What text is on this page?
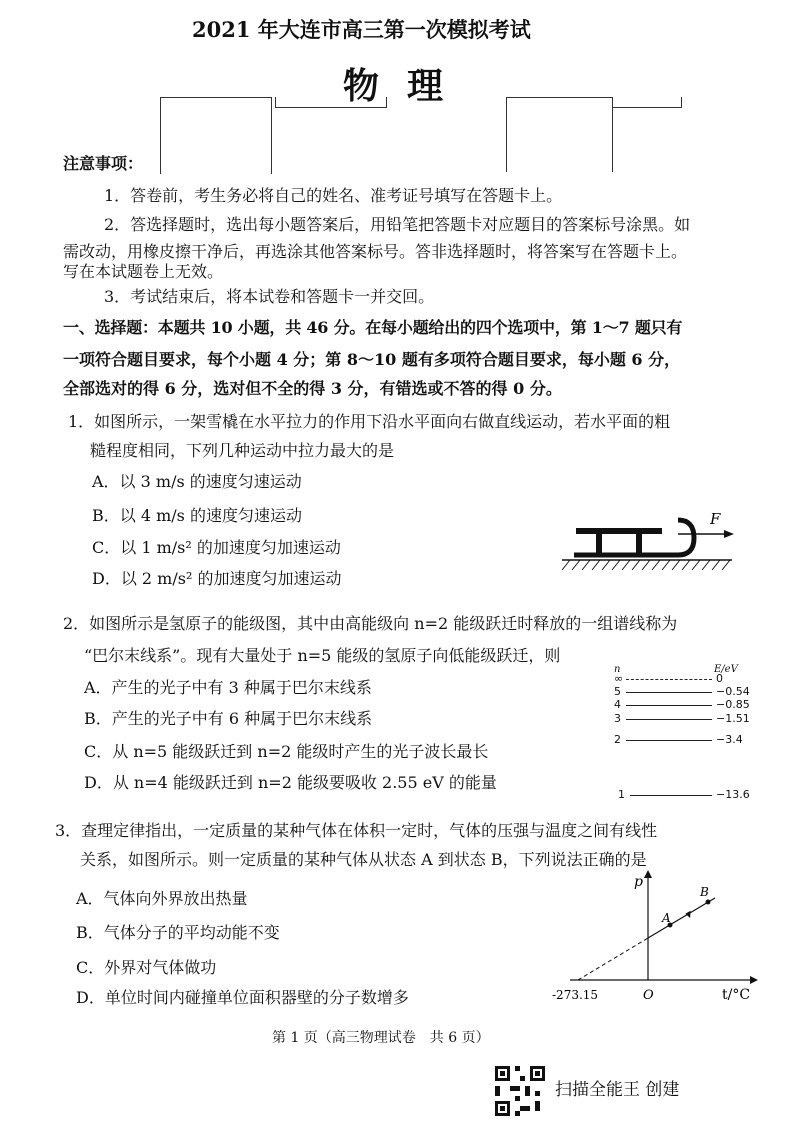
2021 年大连市高三第一次模拟考试
物理
注意事项：
1．答卷前，考生务必将自己的姓名、准考证号填写在答题卡上。
2．答选择题时，选出每小题答案后，用铅笔把答题卡对应题目的答案标号涂黑。如
需改动，用橡皮擦干净后，再选涂其他答案标号。答非选择题时，将答案写在答题卡上。
写在本试题卷上无效。
3．考试结束后，将本试卷和答题卡一并交回。
一、选择题：本题共 10 小题，共 46 分。在每小题给出的四个选项中，第 1～7 题只有
一项符合题目要求，每个小题 4 分；第 8～10 题有多项符合题目要求，每小题 6 分，
全部选对的得 6 分，选对但不全的得 3 分，有错选或不答的得 0 分。
1．如图所示，一架雪橇在水平拉力的作用下沿水平面向右做直线运动，若水平面的粗
糙程度相同，下列几种运动中拉力最大的是
A．以 3 m/s 的速度匀速运动
B．以 4 m/s 的速度匀速运动
C．以 1 m/s² 的加速度匀加速运动
D．以 2 m/s² 的加速度匀加速运动
F
2．如图所示是氢原子的能级图，其中由高能级向 n=2 能级跃迁时释放的一组谱线称为
“巴尔末线系”。现有大量处于 n=5 能级的氢原子向低能级跃迁，则
A．产生的光子中有 3 种属于巴尔末线系
B．产生的光子中有 6 种属于巴尔末线系
C．从 n=5 能级跃迁到 n=2 能级时产生的光子波长最长
D．从 n=4 能级跃迁到 n=2 能级要吸收 2.55 eV 的能量
n	E/eV
∞	0
5	−0.54
4	−0.85
3	−1.51
2	−3.4
1	−13.6
3．查理定律指出，一定质量的某种气体在体积一定时，气体的压强与温度之间有线性
关系，如图所示。则一定质量的某种气体从状态 A 到状态 B，下列说法正确的是
A．气体向外界放出热量
B．气体分子的平均动能不变
C．外界对气体做功
D．单位时间内碰撞单位面积器壁的分子数增多
A
B
p
O	t/°C
-273.15
第 1 页（高三物理试卷　共 6 页）
扫描全能王 创建
